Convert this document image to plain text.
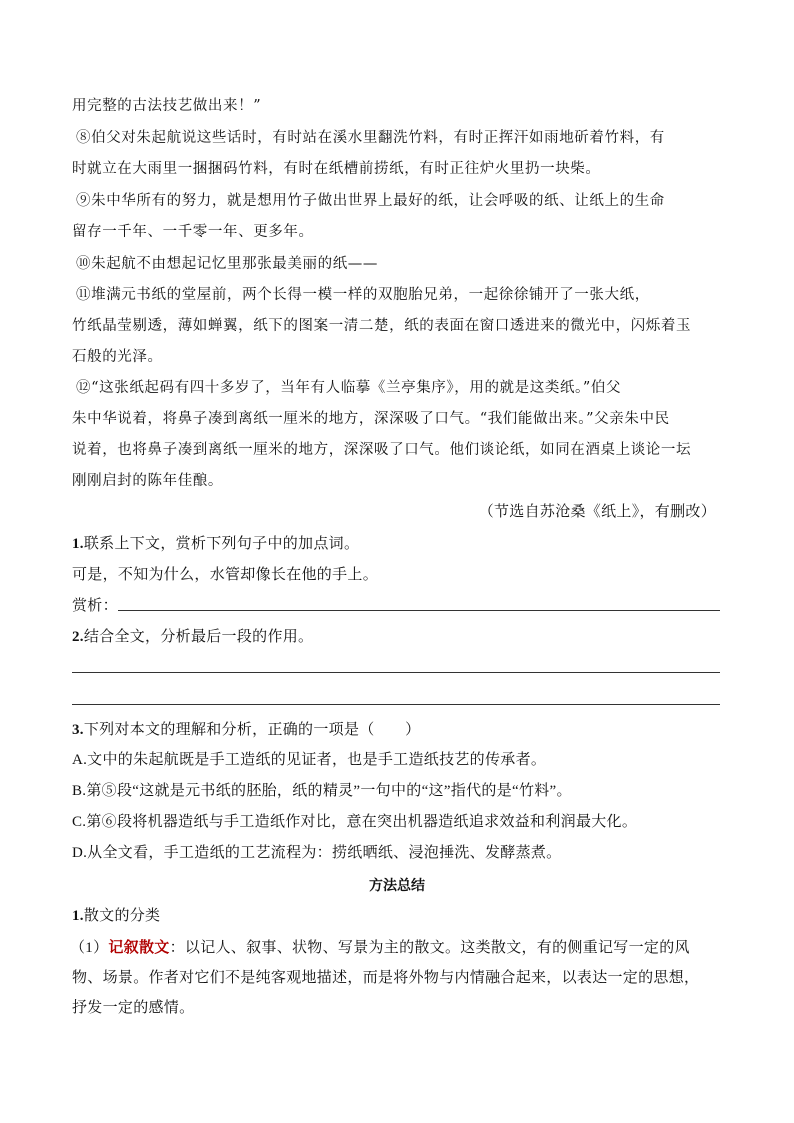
用完整的古法技艺做出来！”
⑧伯父对朱起航说这些话时，有时站在溪水里翻洗竹料，有时正挥汗如雨地斫着竹料，有
时就立在大雨里一捆捆码竹料，有时在纸槽前捞纸，有时正往炉火里扔一块柴。
⑨朱中华所有的努力，就是想用竹子做出世界上最好的纸，让会呼吸的纸、让纸上的生命
留存一千年、一千零一年、更多年。
⑩朱起航不由想起记忆里那张最美丽的纸——
⑪堆满元书纸的堂屋前，两个长得一模一样的双胞胎兄弟，一起徐徐铺开了一张大纸，
竹纸晶莹剔透，薄如蝉翼，纸下的图案一清二楚，纸的表面在窗口透进来的微光中，闪烁着玉
石般的光泽。
⑫“这张纸起码有四十多岁了，当年有人临摹《兰亭集序》，用的就是这类纸。”伯父
朱中华说着，将鼻子凑到离纸一厘米的地方，深深吸了口气。“我们能做出来。”父亲朱中民
说着，也将鼻子凑到离纸一厘米的地方，深深吸了口气。他们谈论纸，如同在酒桌上谈论一坛
刚刚启封的陈年佳酿。
（节选自苏沧桑《纸上》，有删改）
1.联系上下文，赏析下列句子中的加点词。
可是，不知为什么，水管却像长在他的手上。
赏析：
2.结合全文，分析最后一段的作用。
3.下列对本文的理解和分析，正确的一项是（　　）
A.文中的朱起航既是手工造纸的见证者，也是手工造纸技艺的传承者。
B.第⑤段“这就是元书纸的胚胎，纸的精灵”一句中的“这”指代的是“竹料”。
C.第⑥段将机器造纸与手工造纸作对比，意在突出机器造纸追求效益和利润最大化。
D.从全文看，手工造纸的工艺流程为：捞纸晒纸、浸泡捶洗、发酵蒸煮。
方法总结
1.散文的分类
（1）记叙散文：以记人、叙事、状物、写景为主的散文。这类散文，有的侧重记写一定的风
物、场景。作者对它们不是纯客观地描述，而是将外物与内情融合起来，以表达一定的思想，
抒发一定的感情。
